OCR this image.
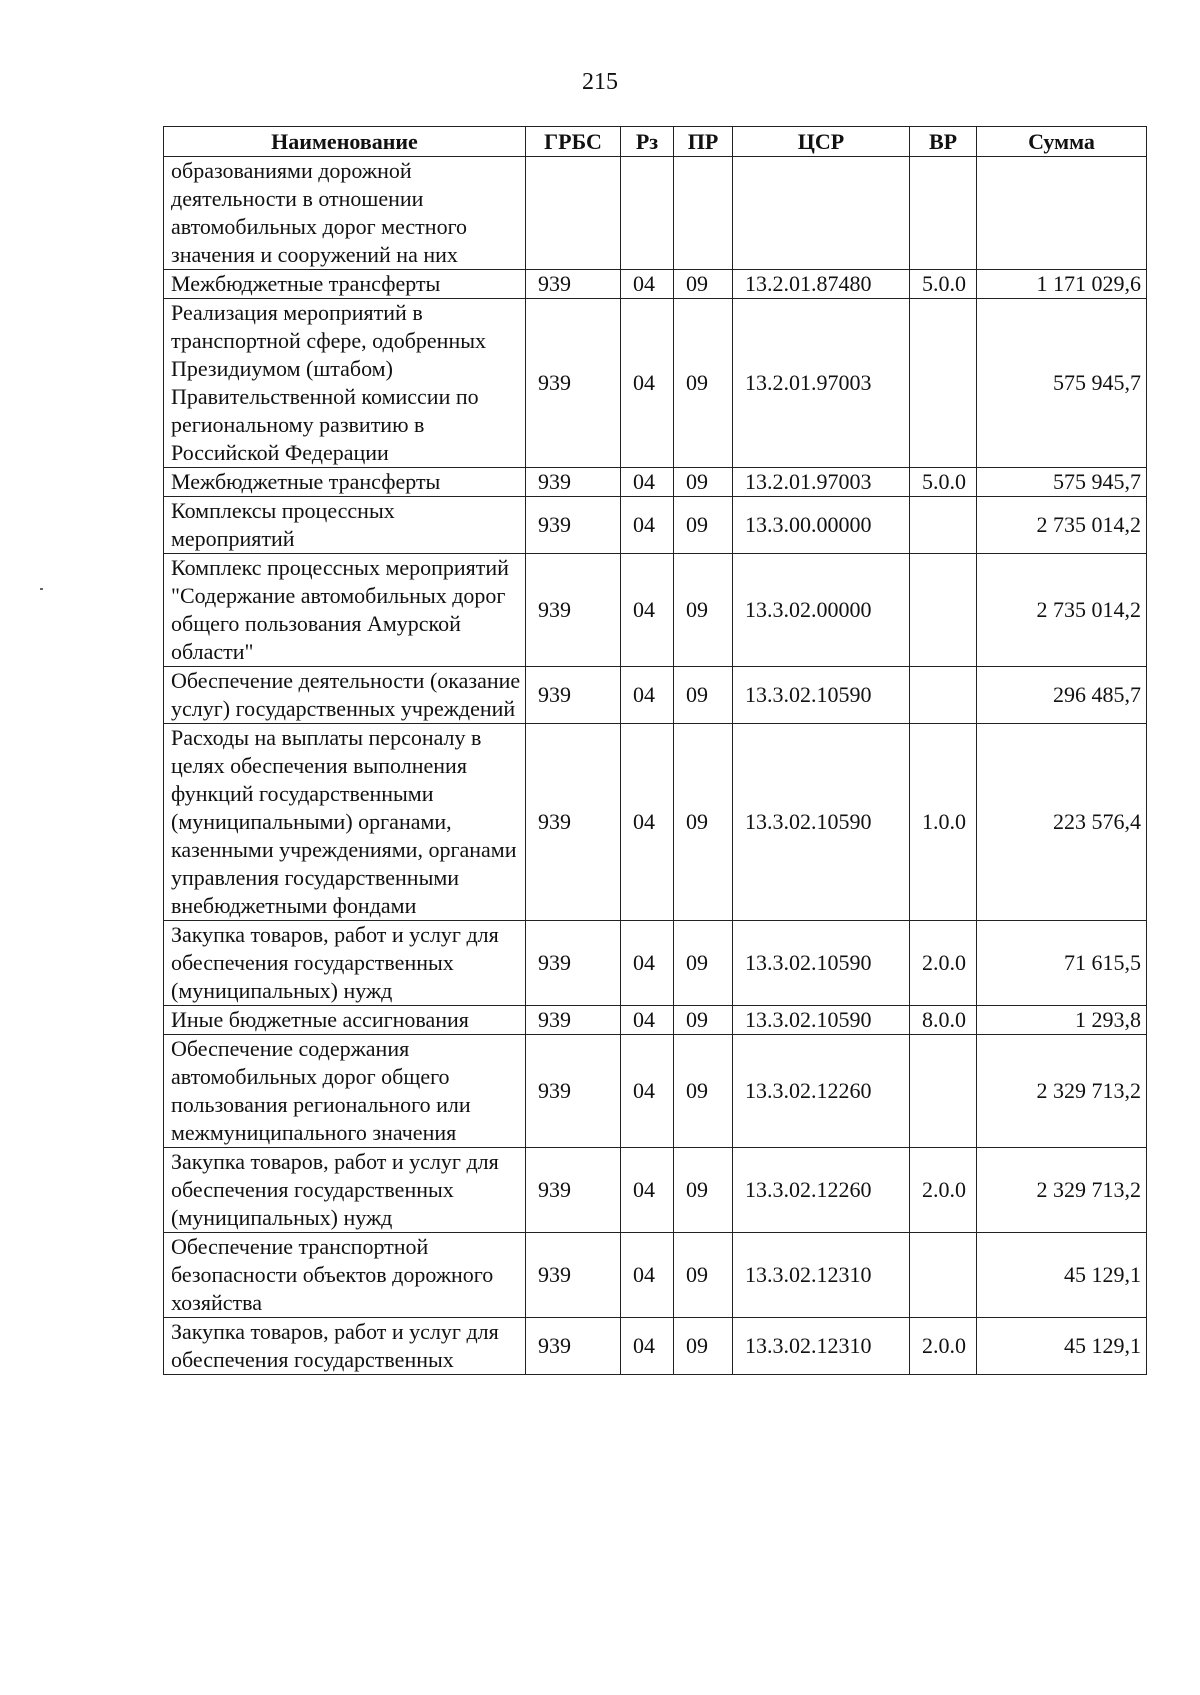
215
Наименование	ГРБС	Рз	ПР	ЦСР	ВР	Сумма
образованиями дорожной деятельности в отношении автомобильных дорог местного значения и сооружений на них						
Межбюджетные трансферты	939	04	09	13.2.01.87480	5.0.0	1 171 029,6
Реализация мероприятий в транспортной сфере, одобренных Президиумом (штабом) Правительственной комиссии по региональному развитию в Российской Федерации	939	04	09	13.2.01.97003		575 945,7
Межбюджетные трансферты	939	04	09	13.2.01.97003	5.0.0	575 945,7
Комплексы процессных мероприятий	939	04	09	13.3.00.00000		2 735 014,2
Комплекс процессных мероприятий "Содержание автомобильных дорог общего пользования Амурской области"	939	04	09	13.3.02.00000		2 735 014,2
Обеспечение деятельности (оказание услуг) государственных учреждений	939	04	09	13.3.02.10590		296 485,7
Расходы на выплаты персоналу в целях обеспечения выполнения функций государственными (муниципальными) органами, казенными учреждениями, органами управления государственными внебюджетными фондами	939	04	09	13.3.02.10590	1.0.0	223 576,4
Закупка товаров, работ и услуг для обеспечения государственных (муниципальных) нужд	939	04	09	13.3.02.10590	2.0.0	71 615,5
Иные бюджетные ассигнования	939	04	09	13.3.02.10590	8.0.0	1 293,8
Обеспечение содержания автомобильных дорог общего пользования регионального или межмуниципального значения	939	04	09	13.3.02.12260		2 329 713,2
Закупка товаров, работ и услуг для обеспечения государственных (муниципальных) нужд	939	04	09	13.3.02.12260	2.0.0	2 329 713,2
Обеспечение транспортной безопасности объектов дорожного хозяйства	939	04	09	13.3.02.12310		45 129,1
Закупка товаров, работ и услуг для обеспечения государственных	939	04	09	13.3.02.12310	2.0.0	45 129,1
